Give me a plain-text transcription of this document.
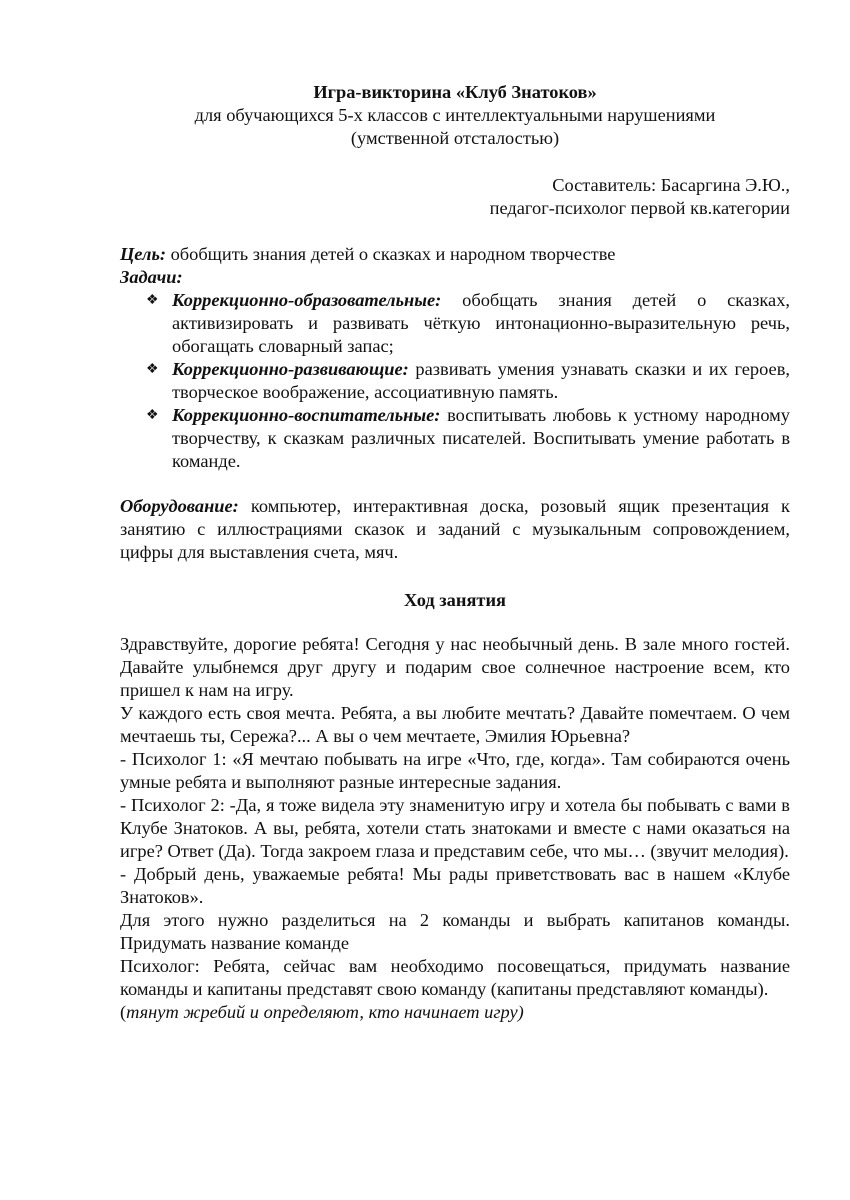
Игра-викторина «Клуб Знатоков»
для обучающихся 5-х классов с интеллектуальными нарушениями
(умственной отсталостью)
Составитель: Басаргина Э.Ю.,
педагог-психолог первой кв.категории
Цель: обобщить знания детей о сказках и народном творчестве
Задачи:
❖ Коррекционно-образовательные: обобщать знания детей о сказках, активизировать и развивать чёткую интонационно-выразительную речь, обогащать словарный запас;
❖ Коррекционно-развивающие: развивать умения узнавать сказки и их героев, творческое воображение, ассоциативную память.
❖ Коррекционно-воспитательные: воспитывать любовь к устному народному творчеству, к сказкам различных писателей. Воспитывать умение работать в команде.
Оборудование: компьютер, интерактивная доска, розовый ящик презентация к занятию с иллюстрациями сказок и заданий с музыкальным сопровождением, цифры для выставления счета, мяч.
Ход занятия

Здравствуйте, дорогие ребята! Сегодня у нас необычный день. В зале много гостей. Давайте улыбнемся друг другу и подарим свое солнечное настроение всем, кто пришел к нам на игру.

У каждого есть своя мечта. Ребята, а вы любите мечтать? Давайте помечтаем. О чем мечтаешь ты, Сережа?... А вы о чем мечтаете, Эмилия Юрьевна?

- Психолог 1: «Я мечтаю побывать на игре «Что, где, когда». Там собираются очень умные ребята и выполняют разные интересные задания.

- Психолог 2: -Да, я тоже видела эту знаменитую игру и хотела бы побывать с вами в Клубе Знатоков. А вы, ребята, хотели стать знатоками и вместе с нами оказаться на игре? Ответ (Да). Тогда закроем глаза и представим себе, что мы… (звучит мелодия).

- Добрый день, уважаемые ребята! Мы рады приветствовать вас в нашем «Клубе Знатоков».

Для этого нужно разделиться на 2 команды и выбрать капитанов команды. Придумать название команде

Психолог: Ребята, сейчас вам необходимо посовещаться, придумать название команды и капитаны представят свою команду (капитаны представляют команды).

(тянут жребий и определяют, кто начинает игру)
